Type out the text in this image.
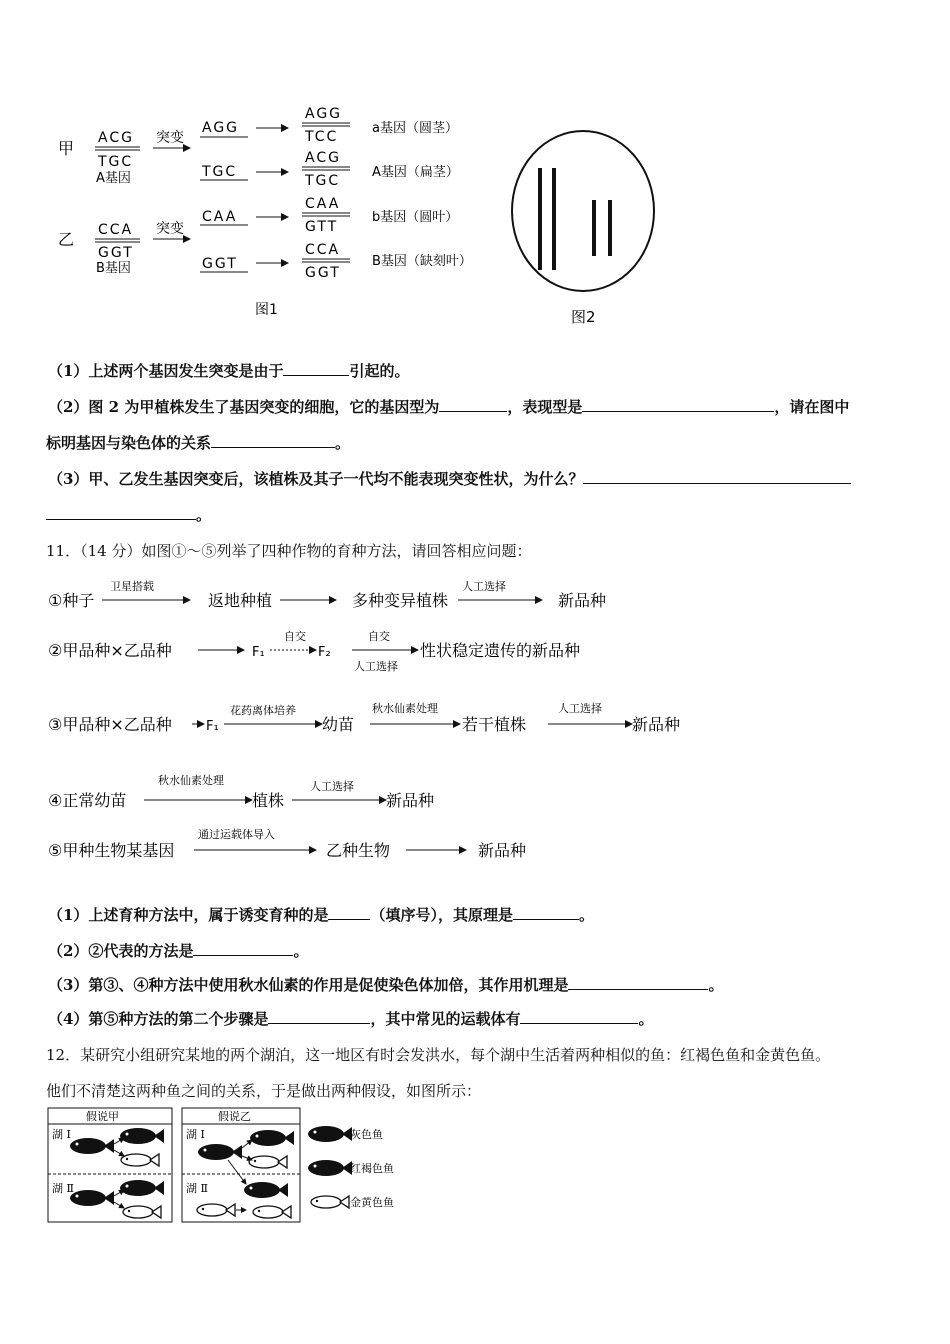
甲
ACG
TGC
A基因
突变
AGG
AGG
TCC
a基因（圆茎）
TGC
ACG
TGC
A基因（扁茎）
乙 CCA
GGT
B基因
突变
CAA
CAA
GTT
b基因（圆叶）
GGT
CCA
GGT
B基因（缺刻叶）
图1	图2
（1）上述两个基因发生突变是由于	引起的。
（2）图 2 为甲植株发生了基因突变的细胞，它的基因型为	，表现型是	，请在图中
标明基因与染色体的关系	。
（3）甲、乙发生基因突变后，该植株及其子一代均不能表现突变性状，为什么？
。
11．（14 分）如图①～⑤列举了四种作物的育种方法，请回答相应问题：
①种子
卫星搭载
返地种植	多种变异植株
人工选择
新品种
②甲品种×乙品种	F₁
自交
F₂
自交
人工选择
性状稳定遗传的新品种
③甲品种×乙品种	F₁
花药离体培养
幼苗
秋水仙素处理
若干植株
人工选择
新品种
④正常幼苗
秋水仙素处理
植株
人工选择
新品种
⑤甲种生物某基因
通过运载体导入
乙种生物	新品种
（1）上述育种方法中，属于诱变育种的是	（填序号），其原理是	。
（2）②代表的方法是	。
（3）第③、④种方法中使用秋水仙素的作用是促使染色体加倍，其作用机理是	。
（4）第⑤种方法的第二个步骤是	，其中常见的运载体有	。
12．某研究小组研究某地的两个湖泊，这一地区有时会发洪水，每个湖中生活着两种相似的鱼：红褐色鱼和金黄色鱼。
他们不清楚这两种鱼之间的关系，于是做出两种假设，如图所示：
假说甲
湖 Ⅰ
湖 Ⅱ
假说乙
湖 Ⅰ
湖 Ⅱ
灰色鱼
红褐色鱼
金黄色鱼
